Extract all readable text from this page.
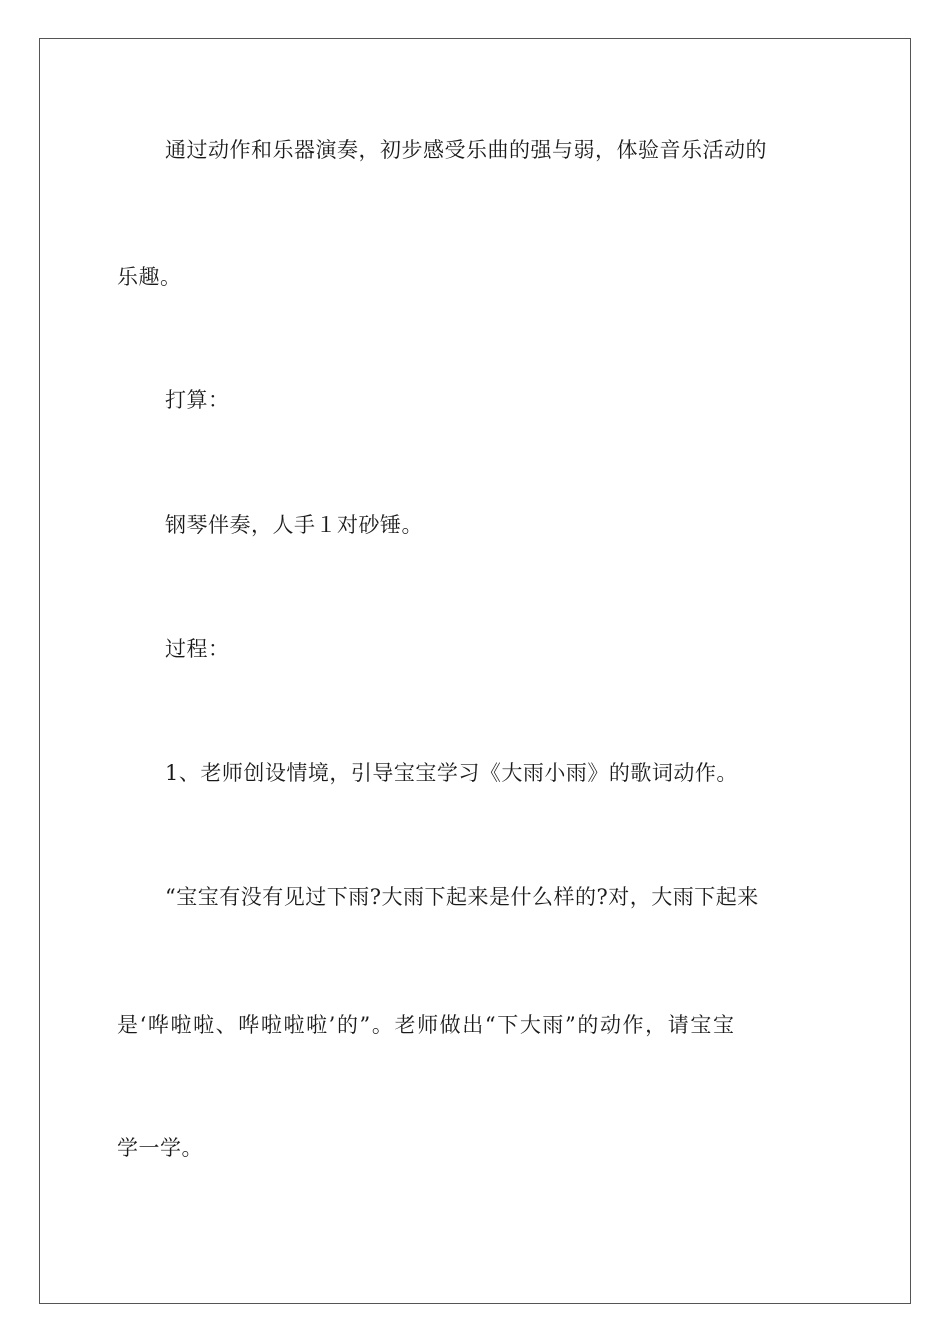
通过动作和乐器演奏，初步感受乐曲的强与弱，体验音乐活动的
乐趣。
打算：
钢琴伴奏，人手１对砂锤。
过程：
1、老师创设情境，引导宝宝学习《大雨小雨》的歌词动作。
“宝宝有没有见过下雨?大雨下起来是什么样的?对，大雨下起来
是‘哗啦啦、哗啦啦啦’的”。老师做出“下大雨”的动作，请宝宝
学一学。
